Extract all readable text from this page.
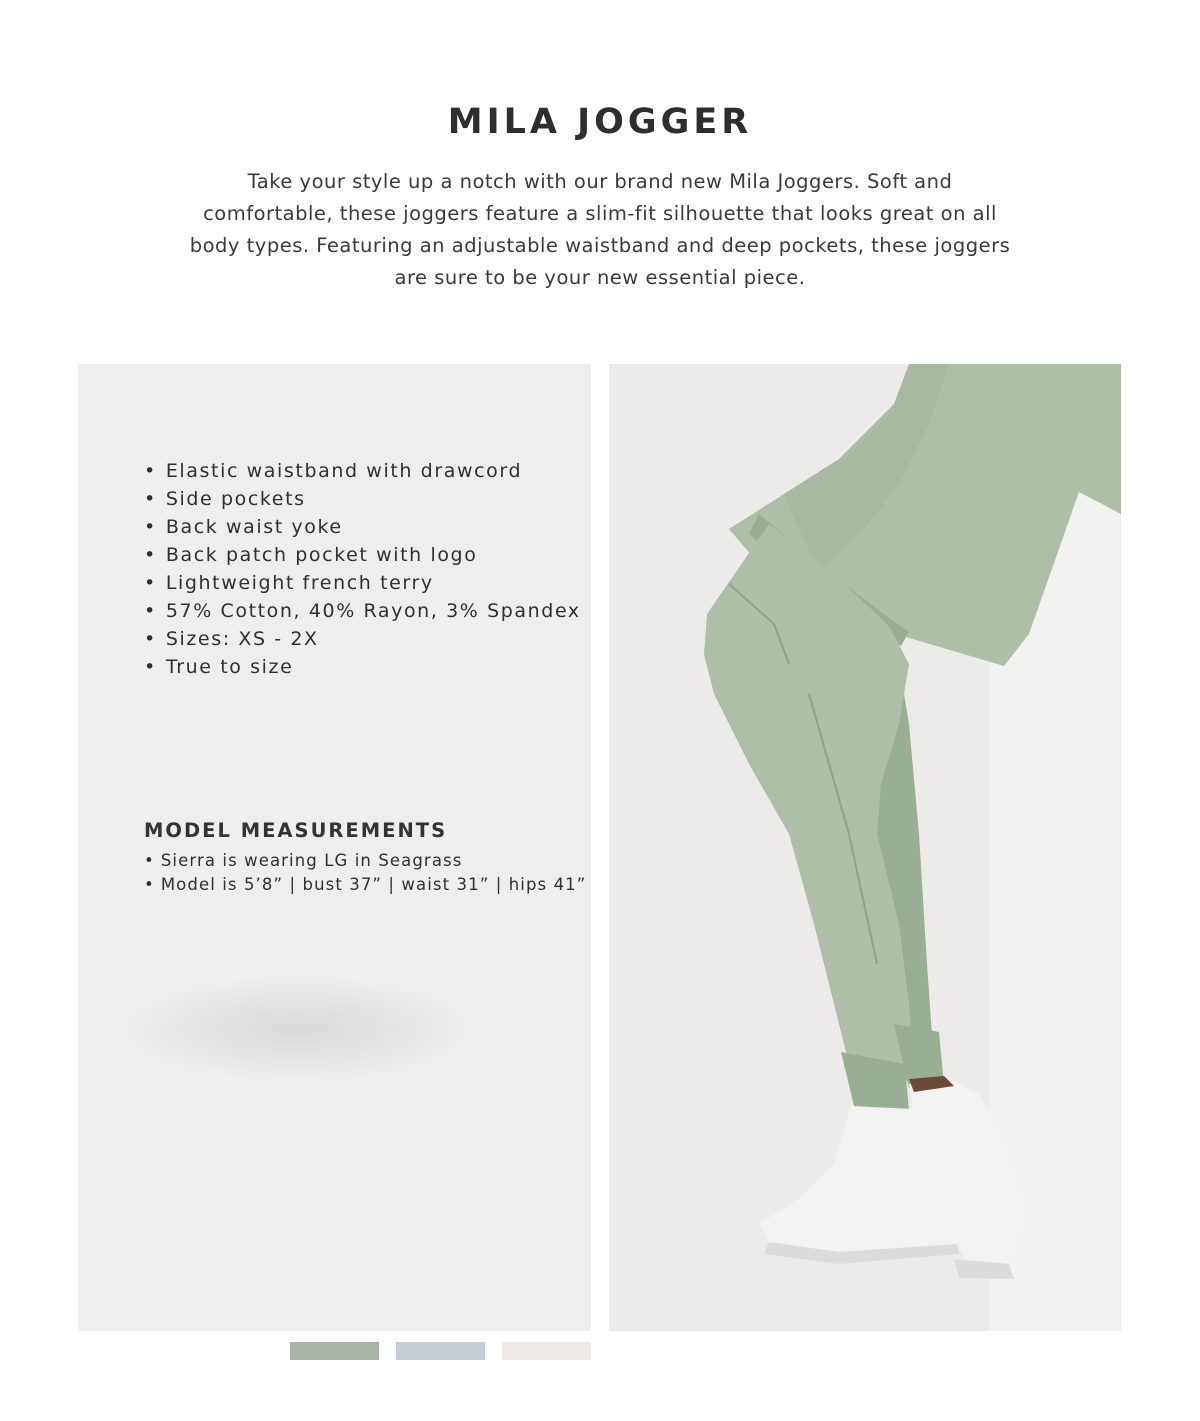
MILA JOGGER

Take your style up a notch with our brand new Mila Joggers. Soft and comfortable, these joggers feature a slim-fit silhouette that looks great on all body types. Featuring an adjustable waistband and deep pockets, these joggers are sure to be your new essential piece.

• Elastic waistband with drawcord
• Side pockets
• Back waist yoke
• Back patch pocket with logo
• Lightweight french terry
• 57% Cotton, 40% Rayon, 3% Spandex
• Sizes: XS - 2X
• True to size
MODEL MEASUREMENTS
• Sierra is wearing LG in Seagrass
• Model is 5’8” | bust 37” | waist 31” | hips 41”
